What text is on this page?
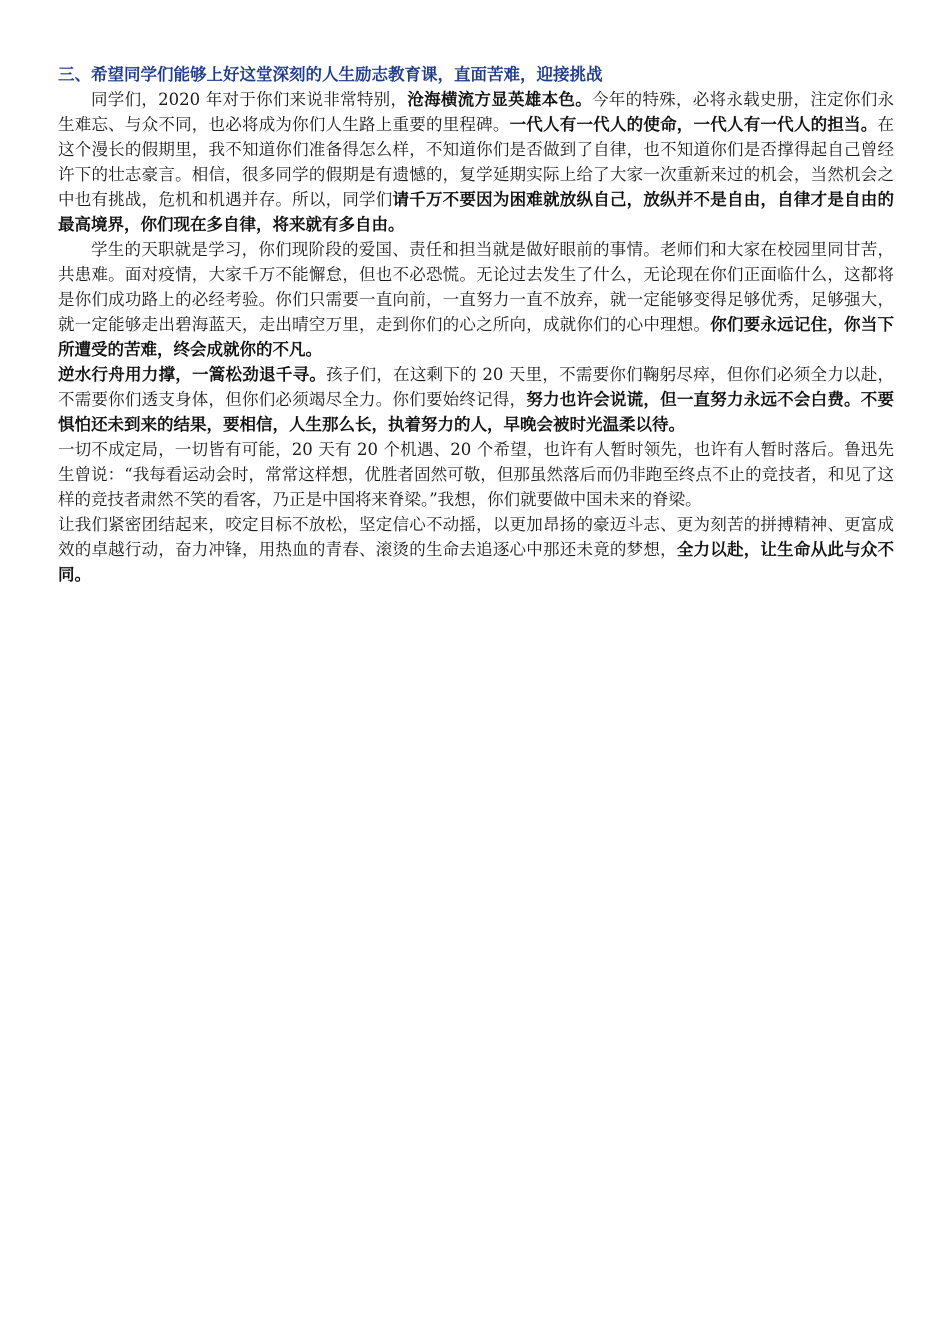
三、希望同学们能够上好这堂深刻的人生励志教育课，直面苦难，迎接挑战

同学们，2020 年对于你们来说非常特别，沧海横流方显英雄本色。今年的特殊，必将永载史册，注定你们永生难忘、与众不同，也必将成为你们人生路上重要的里程碑。一代人有一代人的使命，一代人有一代人的担当。在这个漫长的假期里，我不知道你们准备得怎么样，不知道你们是否做到了自律，也不知道你们是否撑得起自己曾经许下的壮志豪言。相信，很多同学的假期是有遗憾的，复学延期实际上给了大家一次重新来过的机会，当然机会之中也有挑战，危机和机遇并存。所以，同学们请千万不要因为困难就放纵自己，放纵并不是自由，自律才是自由的最高境界，你们现在多自律，将来就有多自由。

学生的天职就是学习，你们现阶段的爱国、责任和担当就是做好眼前的事情。老师们和大家在校园里同甘苦，共患难。面对疫情，大家千万不能懈怠，但也不必恐慌。无论过去发生了什么，无论现在你们正面临什么，这都将是你们成功路上的必经考验。你们只需要一直向前，一直努力一直不放弃，就一定能够变得足够优秀，足够强大，就一定能够走出碧海蓝天，走出晴空万里，走到你们的心之所向，成就你们的心中理想。你们要永远记住，你当下所遭受的苦难，终会成就你的不凡。

逆水行舟用力撑，一篙松劲退千寻。孩子们，在这剩下的 20 天里，不需要你们鞠躬尽瘁，但你们必须全力以赴，不需要你们透支身体，但你们必须竭尽全力。你们要始终记得，努力也许会说谎，但一直努力永远不会白费。不要惧怕还未到来的结果，要相信，人生那么长，执着努力的人，早晚会被时光温柔以待。

一切不成定局，一切皆有可能，20 天有 20 个机遇、20 个希望，也许有人暂时领先，也许有人暂时落后。鲁迅先生曾说：“我每看运动会时，常常这样想，优胜者固然可敬，但那虽然落后而仍非跑至终点不止的竞技者，和见了这样的竞技者肃然不笑的看客，乃正是中国将来脊梁。”我想，你们就要做中国未来的脊梁。

让我们紧密团结起来，咬定目标不放松，坚定信心不动摇，以更加昂扬的豪迈斗志、更为刻苦的拼搏精神、更富成效的卓越行动，奋力冲锋，用热血的青春、滚烫的生命去追逐心中那还未竟的梦想，全力以赴，让生命从此与众不同。
